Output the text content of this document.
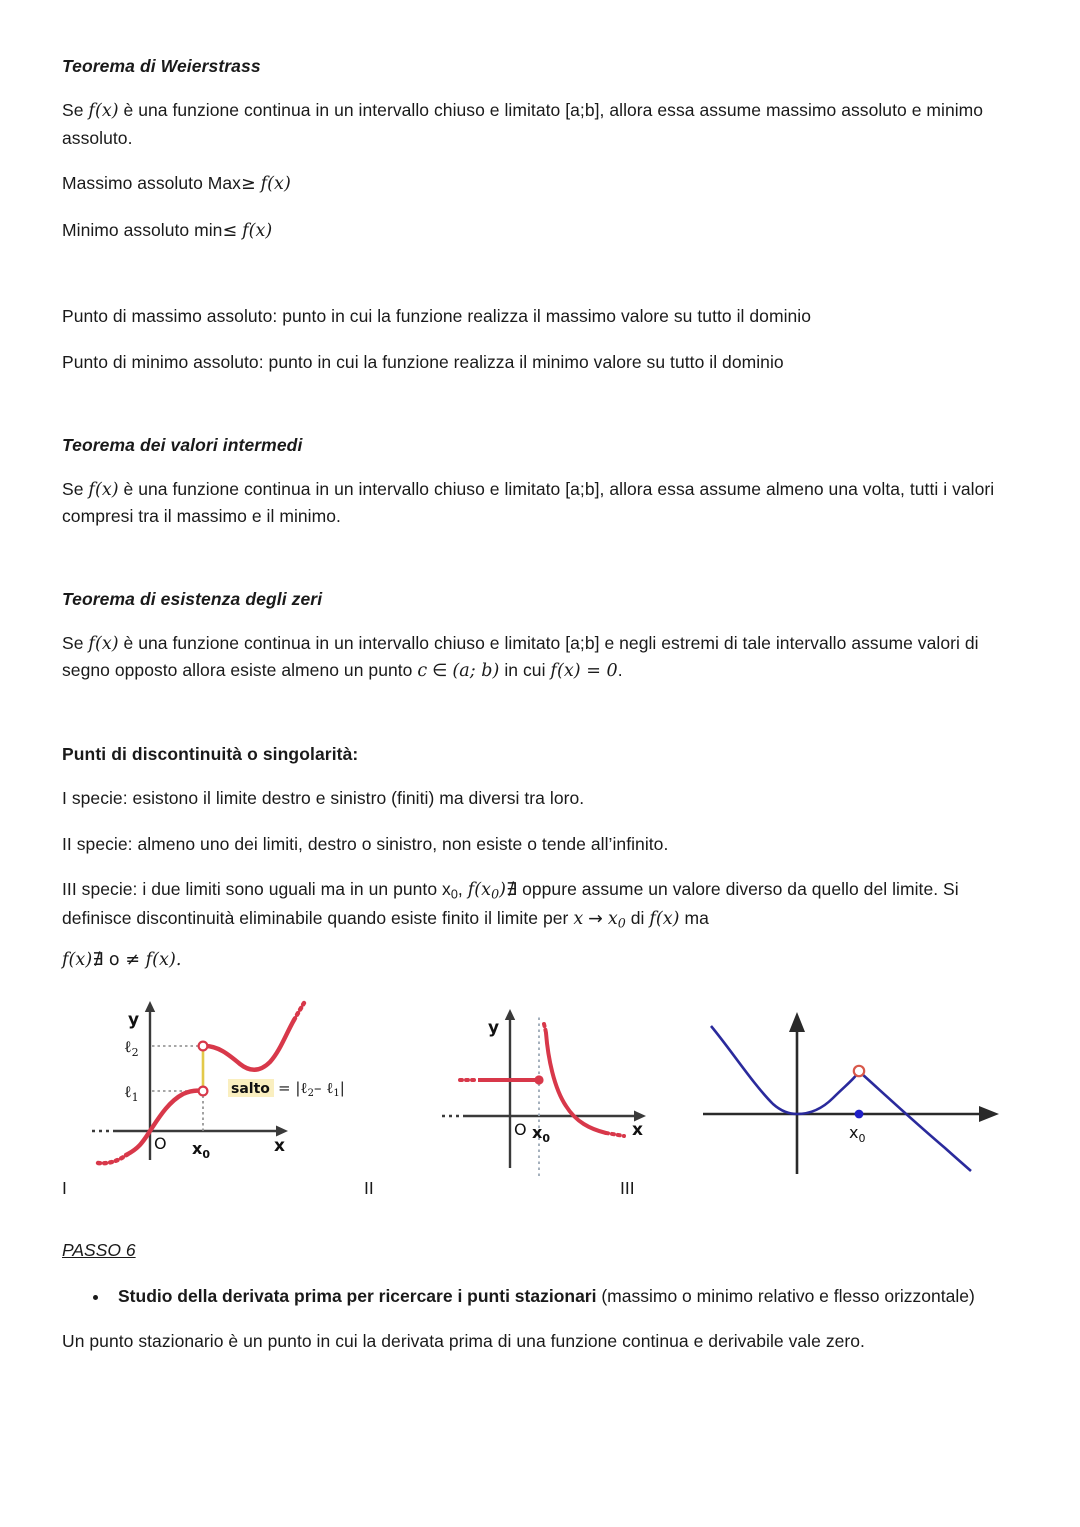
Teorema di Weierstrass

Se f(x) è una funzione continua in un intervallo chiuso e limitato [a;b], allora essa assume massimo assoluto e minimo assoluto.

Massimo assoluto Max≥ f(x)

Minimo assoluto min≤ f(x)

Punto di massimo assoluto: punto in cui la funzione realizza il massimo valore su tutto il dominio

Punto di minimo assoluto: punto in cui la funzione realizza il minimo valore su tutto il dominio

Teorema dei valori intermedi

Se f(x) è una funzione continua in un intervallo chiuso e limitato [a;b], allora essa assume almeno una volta, tutti i valori compresi tra il massimo e il minimo.

Teorema di esistenza degli zeri

Se f(x) è una funzione continua in un intervallo chiuso e limitato [a;b] e negli estremi di tale intervallo assume valori di segno opposto allora esiste almeno un punto c ∈ (a; b) in cui f(x) = 0.

Punti di discontinuità o singolarità:

I specie: esistono il limite destro e sinistro (finiti) ma diversi tra loro.

II specie: almeno uno dei limiti, destro o sinistro, non esiste o tende all’infinito.

III specie: i due limiti sono uguali ma in un punto $x_0$, $f(x_0)∄$ oppure assume un valore diverso da quello del limite. Si definisce discontinuità eliminabile quando esiste finito il limite per $x \to x_0$ di f(x) ma

f(x)∄ o ≠ f(x).

y
x
O
ℓ$_2$
ℓ$_1$
$x_0$
salto = |ℓ$_2$– ℓ$_1$|
y
x
O $x_0$	$x_0$
I	II	III
PASSO 6
• Studio della derivata prima per ricercare i punti stazionari (massimo o minimo relativo e flesso orizzontale)

Un punto stazionario è un punto in cui la derivata prima di una funzione continua e derivabile vale zero.
